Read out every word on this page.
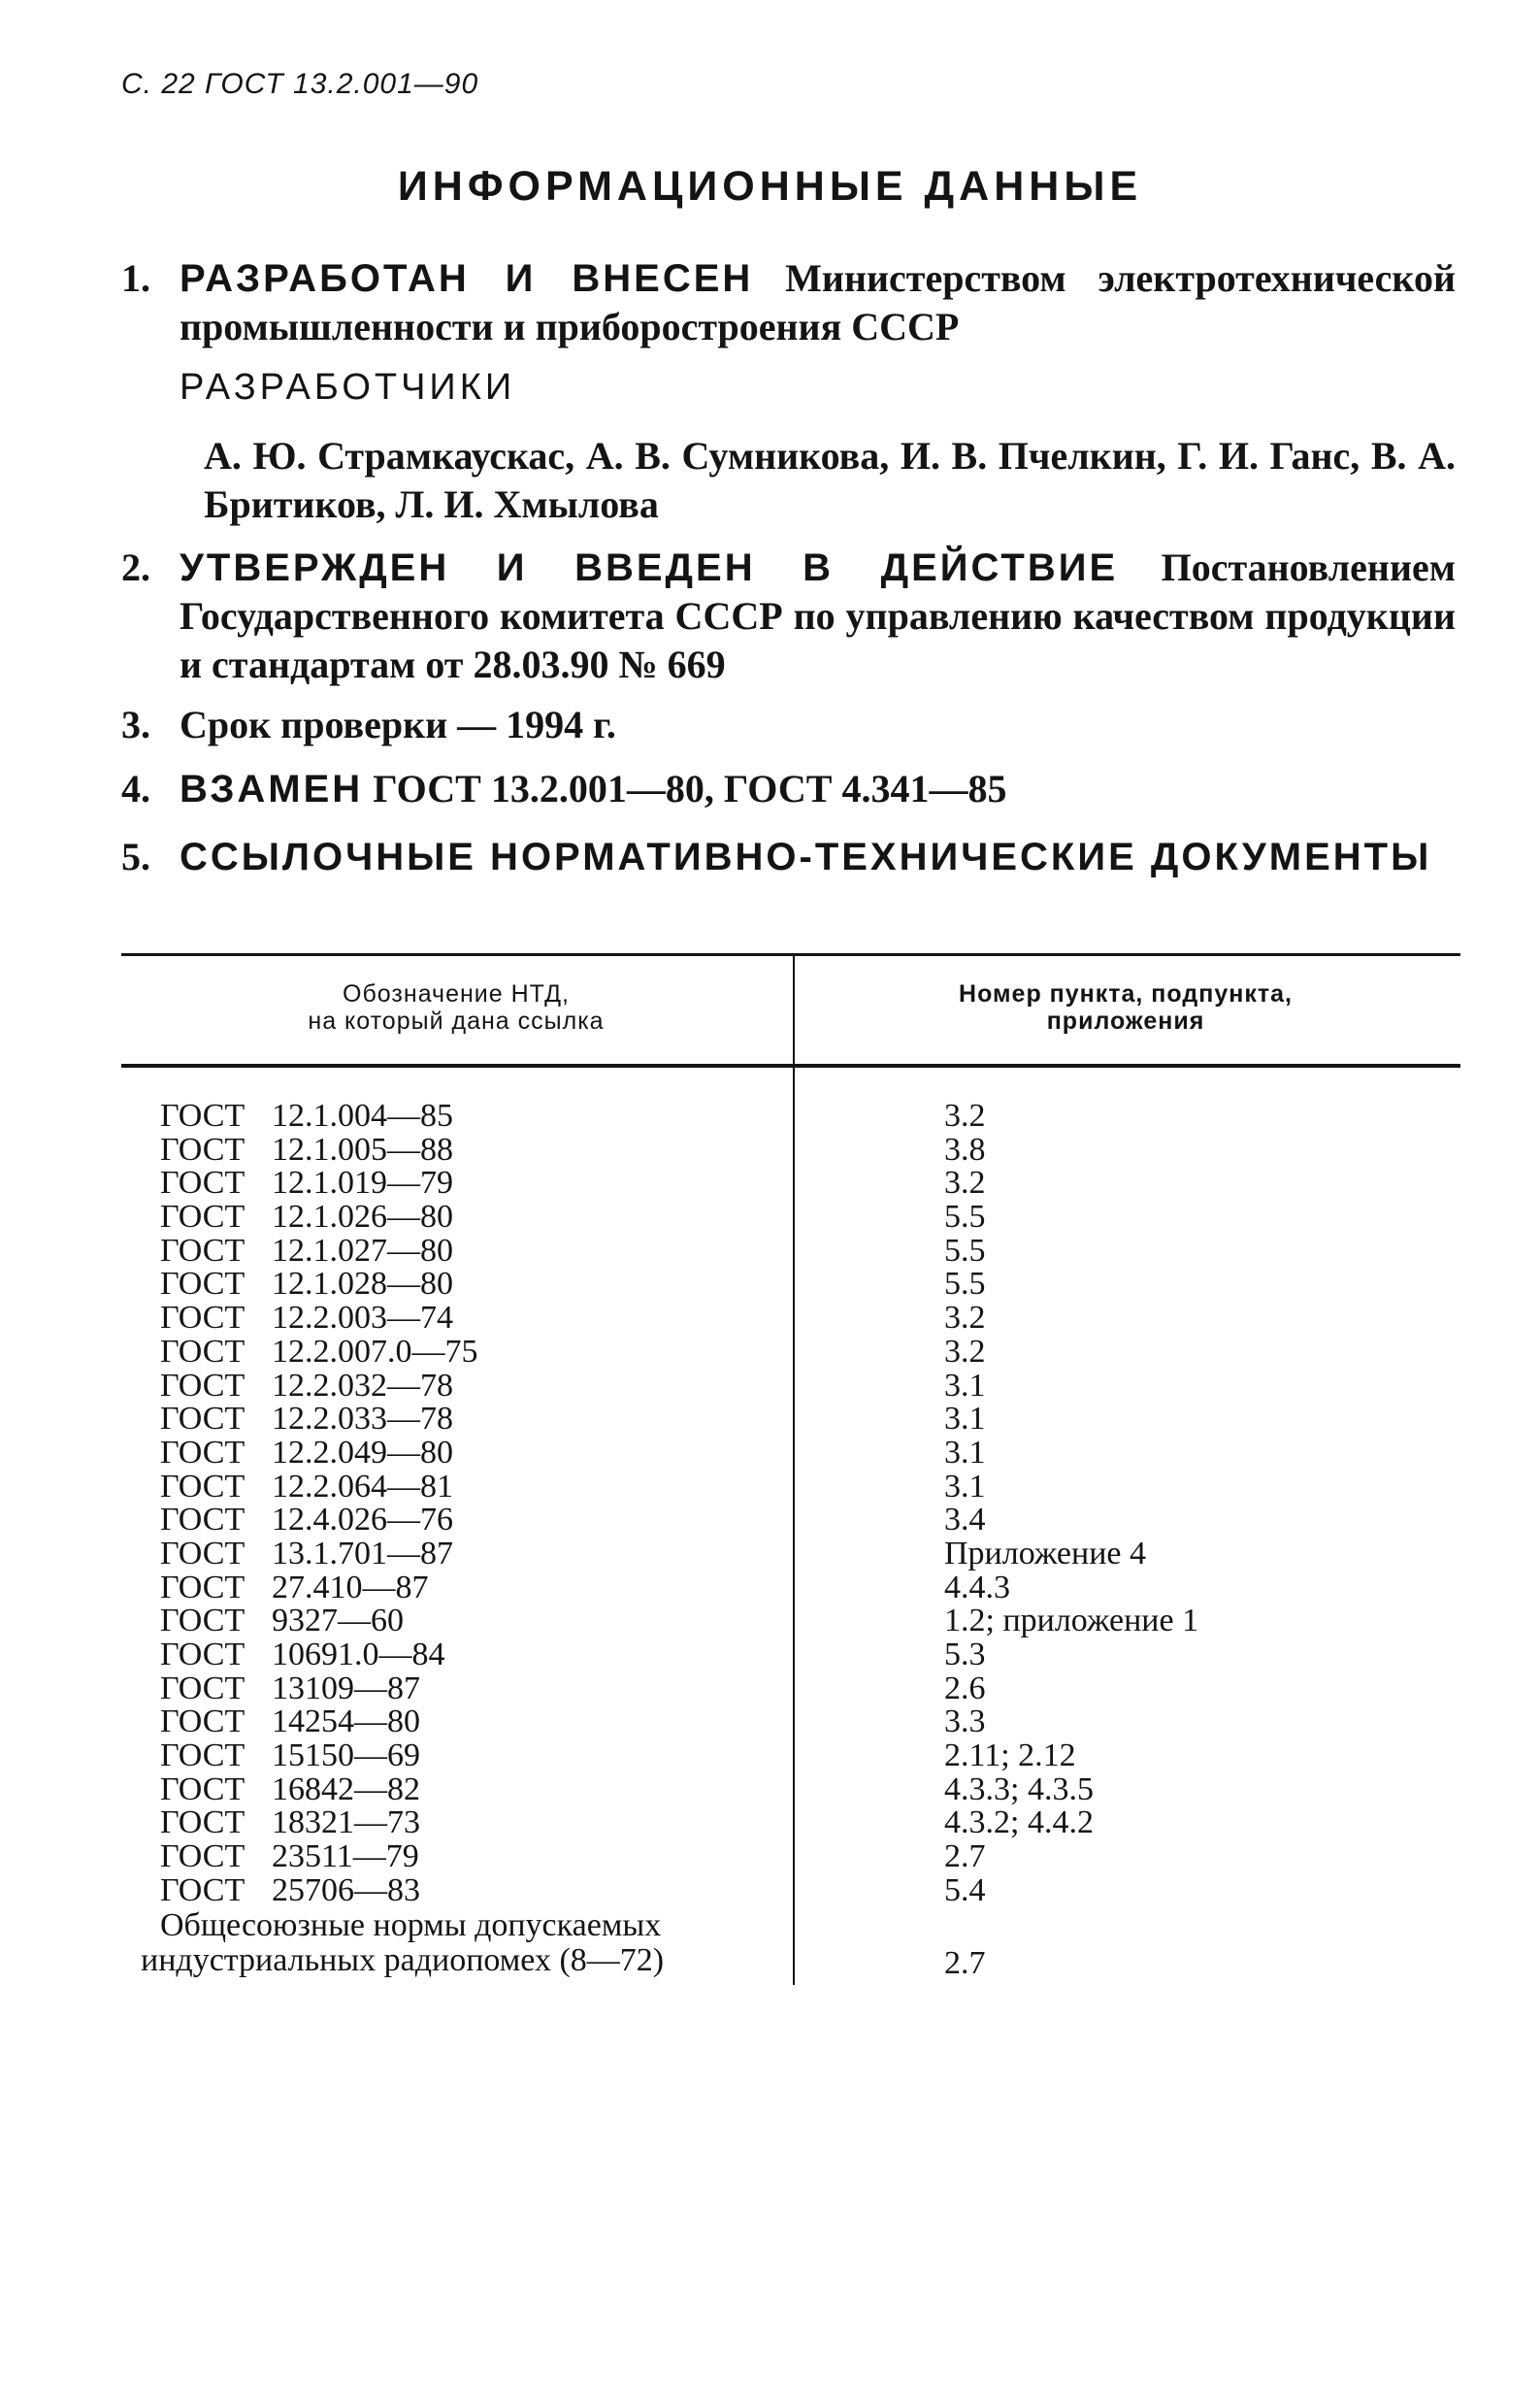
С. 22 ГОСТ 13.2.001—90
ИНФОРМАЦИОННЫЕ ДАННЫЕ
1. РАЗРАБОТАН И ВНЕСЕН Министерством электротехнической промышленности и приборостроения СССР
РАЗРАБОТЧИКИ
А. Ю. Страмкаускас, А. В. Сумникова, И. В. Пчелкин, Г. И. Ганс, В. А. Бритиков, Л. И. Хмылова
2. УТВЕРЖДЕН И ВВЕДЕН В ДЕЙСТВИЕ Постановлением Государственного комитета СССР по управлению качеством продукции и стандартам от 28.03.90 № 669
3. Срок проверки — 1994 г.
4. ВЗАМЕН ГОСТ 13.2.001—80, ГОСТ 4.341—85
5. ССЫЛОЧНЫЕ НОРМАТИВНО-ТЕХНИЧЕСКИЕ ДОКУМЕНТЫ
Обозначение НТД,
на который дана ссылка
Номер пункта, подпункта,
приложения
ГОСТ 12.1.004—85	3.2
ГОСТ 12.1.005—88	3.8
ГОСТ 12.1.019—79	3.2
ГОСТ 12.1.026—80	5.5
ГОСТ 12.1.027—80	5.5
ГОСТ 12.1.028—80	5.5
ГОСТ 12.2.003—74	3.2
ГОСТ 12.2.007.0—75	3.2
ГОСТ 12.2.032—78	3.1
ГОСТ 12.2.033—78	3.1
ГОСТ 12.2.049—80	3.1
ГОСТ 12.2.064—81	3.1
ГОСТ 12.4.026—76	3.4
ГОСТ 13.1.701—87	Приложение 4
ГОСТ 27.410—87	4.4.3
ГОСТ 9327—60	1.2; приложение 1
ГОСТ 10691.0—84	5.3
ГОСТ 13109—87	2.6
ГОСТ 14254—80	3.3
ГОСТ 15150—69	2.11; 2.12
ГОСТ 16842—82	4.3.3; 4.3.5
ГОСТ 18321—73	4.3.2; 4.4.2
ГОСТ 23511—79	2.7
ГОСТ 25706—83	5.4
Общесоюзные нормы допускаемых
индустриальных радиопомех (8—72)	2.7
